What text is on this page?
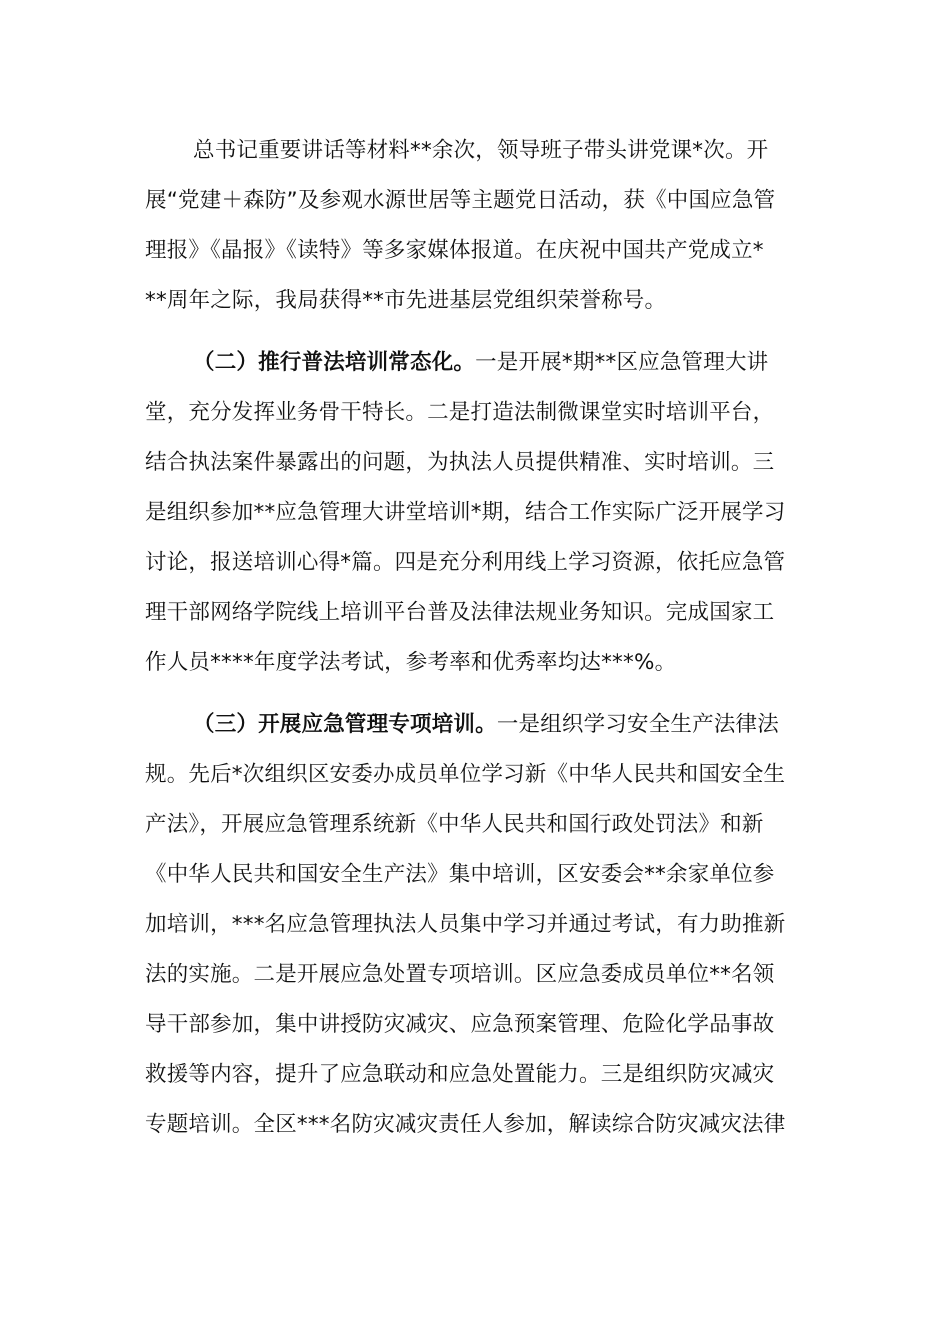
总书记重要讲话等材料**余次，领导班子带头讲党课*次。开
展“党建＋森防”及参观水源世居等主题党日活动，获《中国应急管
理报》《晶报》《读特》等多家媒体报道。在庆祝中国共产党成立*
**周年之际，我局获得**市先进基层党组织荣誉称号。
（二）推行普法培训常态化。一是开展*期**区应急管理大讲
堂，充分发挥业务骨干特长。二是打造法制微课堂实时培训平台，
结合执法案件暴露出的问题，为执法人员提供精准、实时培训。三
是组织参加**应急管理大讲堂培训*期，结合工作实际广泛开展学习
讨论，报送培训心得*篇。四是充分利用线上学习资源，依托应急管
理干部网络学院线上培训平台普及法律法规业务知识。完成国家工
作人员****年度学法考试，参考率和优秀率均达***%。
（三）开展应急管理专项培训。一是组织学习安全生产法律法
规。先后*次组织区安委办成员单位学习新《中华人民共和国安全生
产法》，开展应急管理系统新《中华人民共和国行政处罚法》和新
《中华人民共和国安全生产法》集中培训，区安委会**余家单位参
加培训，***名应急管理执法人员集中学习并通过考试，有力助推新
法的实施。二是开展应急处置专项培训。区应急委成员单位**名领
导干部参加，集中讲授防灾减灾、应急预案管理、危险化学品事故
救援等内容，提升了应急联动和应急处置能力。三是组织防灾减灾
专题培训。全区***名防灾减灾责任人参加，解读综合防灾减灾法律
